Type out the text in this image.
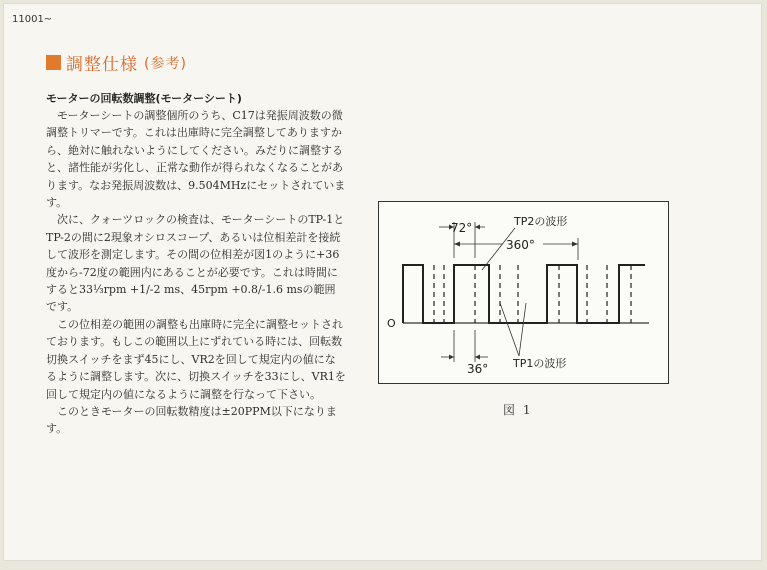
11001~
調整仕様 (参考)
モーターの回転数調整(モーターシート)

モーターシートの調整個所のうち、C17は発振周波数の微調整トリマーです。これは出庫時に完全調整してありますから、絶対に触れないようにしてください。みだりに調整すると、諸性能が劣化し、正常な動作が得られなくなることがあります。なお発振周波数は、9.504MHzにセットされています。

次に、クォーツロックの検査は、モーターシートのTP-1とTP-2の間に2現象オシロスコープ、あるいは位相差計を接続して波形を測定します。その間の位相差が図1のように+36度から-72度の範囲内にあることが必要です。これは時間にすると33⅓rpm +1/-2 ms、45rpm +0.8/-1.6 msの範囲です。

この位相差の範囲の調整も出庫時に完全に調整セットされております。もしこの範囲以上にずれている時には、回転数切換スイッチをまず45にし、VR2を回して規定内の値になるように調整します。次に、切換スイッチを33にし、VR1を回して規定内の値になるように調整を行なって下さい。

このときモーターの回転数精度は±20PPM以下になります。

O
72°
360°
TP2の波形
36° TP1の波形
図 1
